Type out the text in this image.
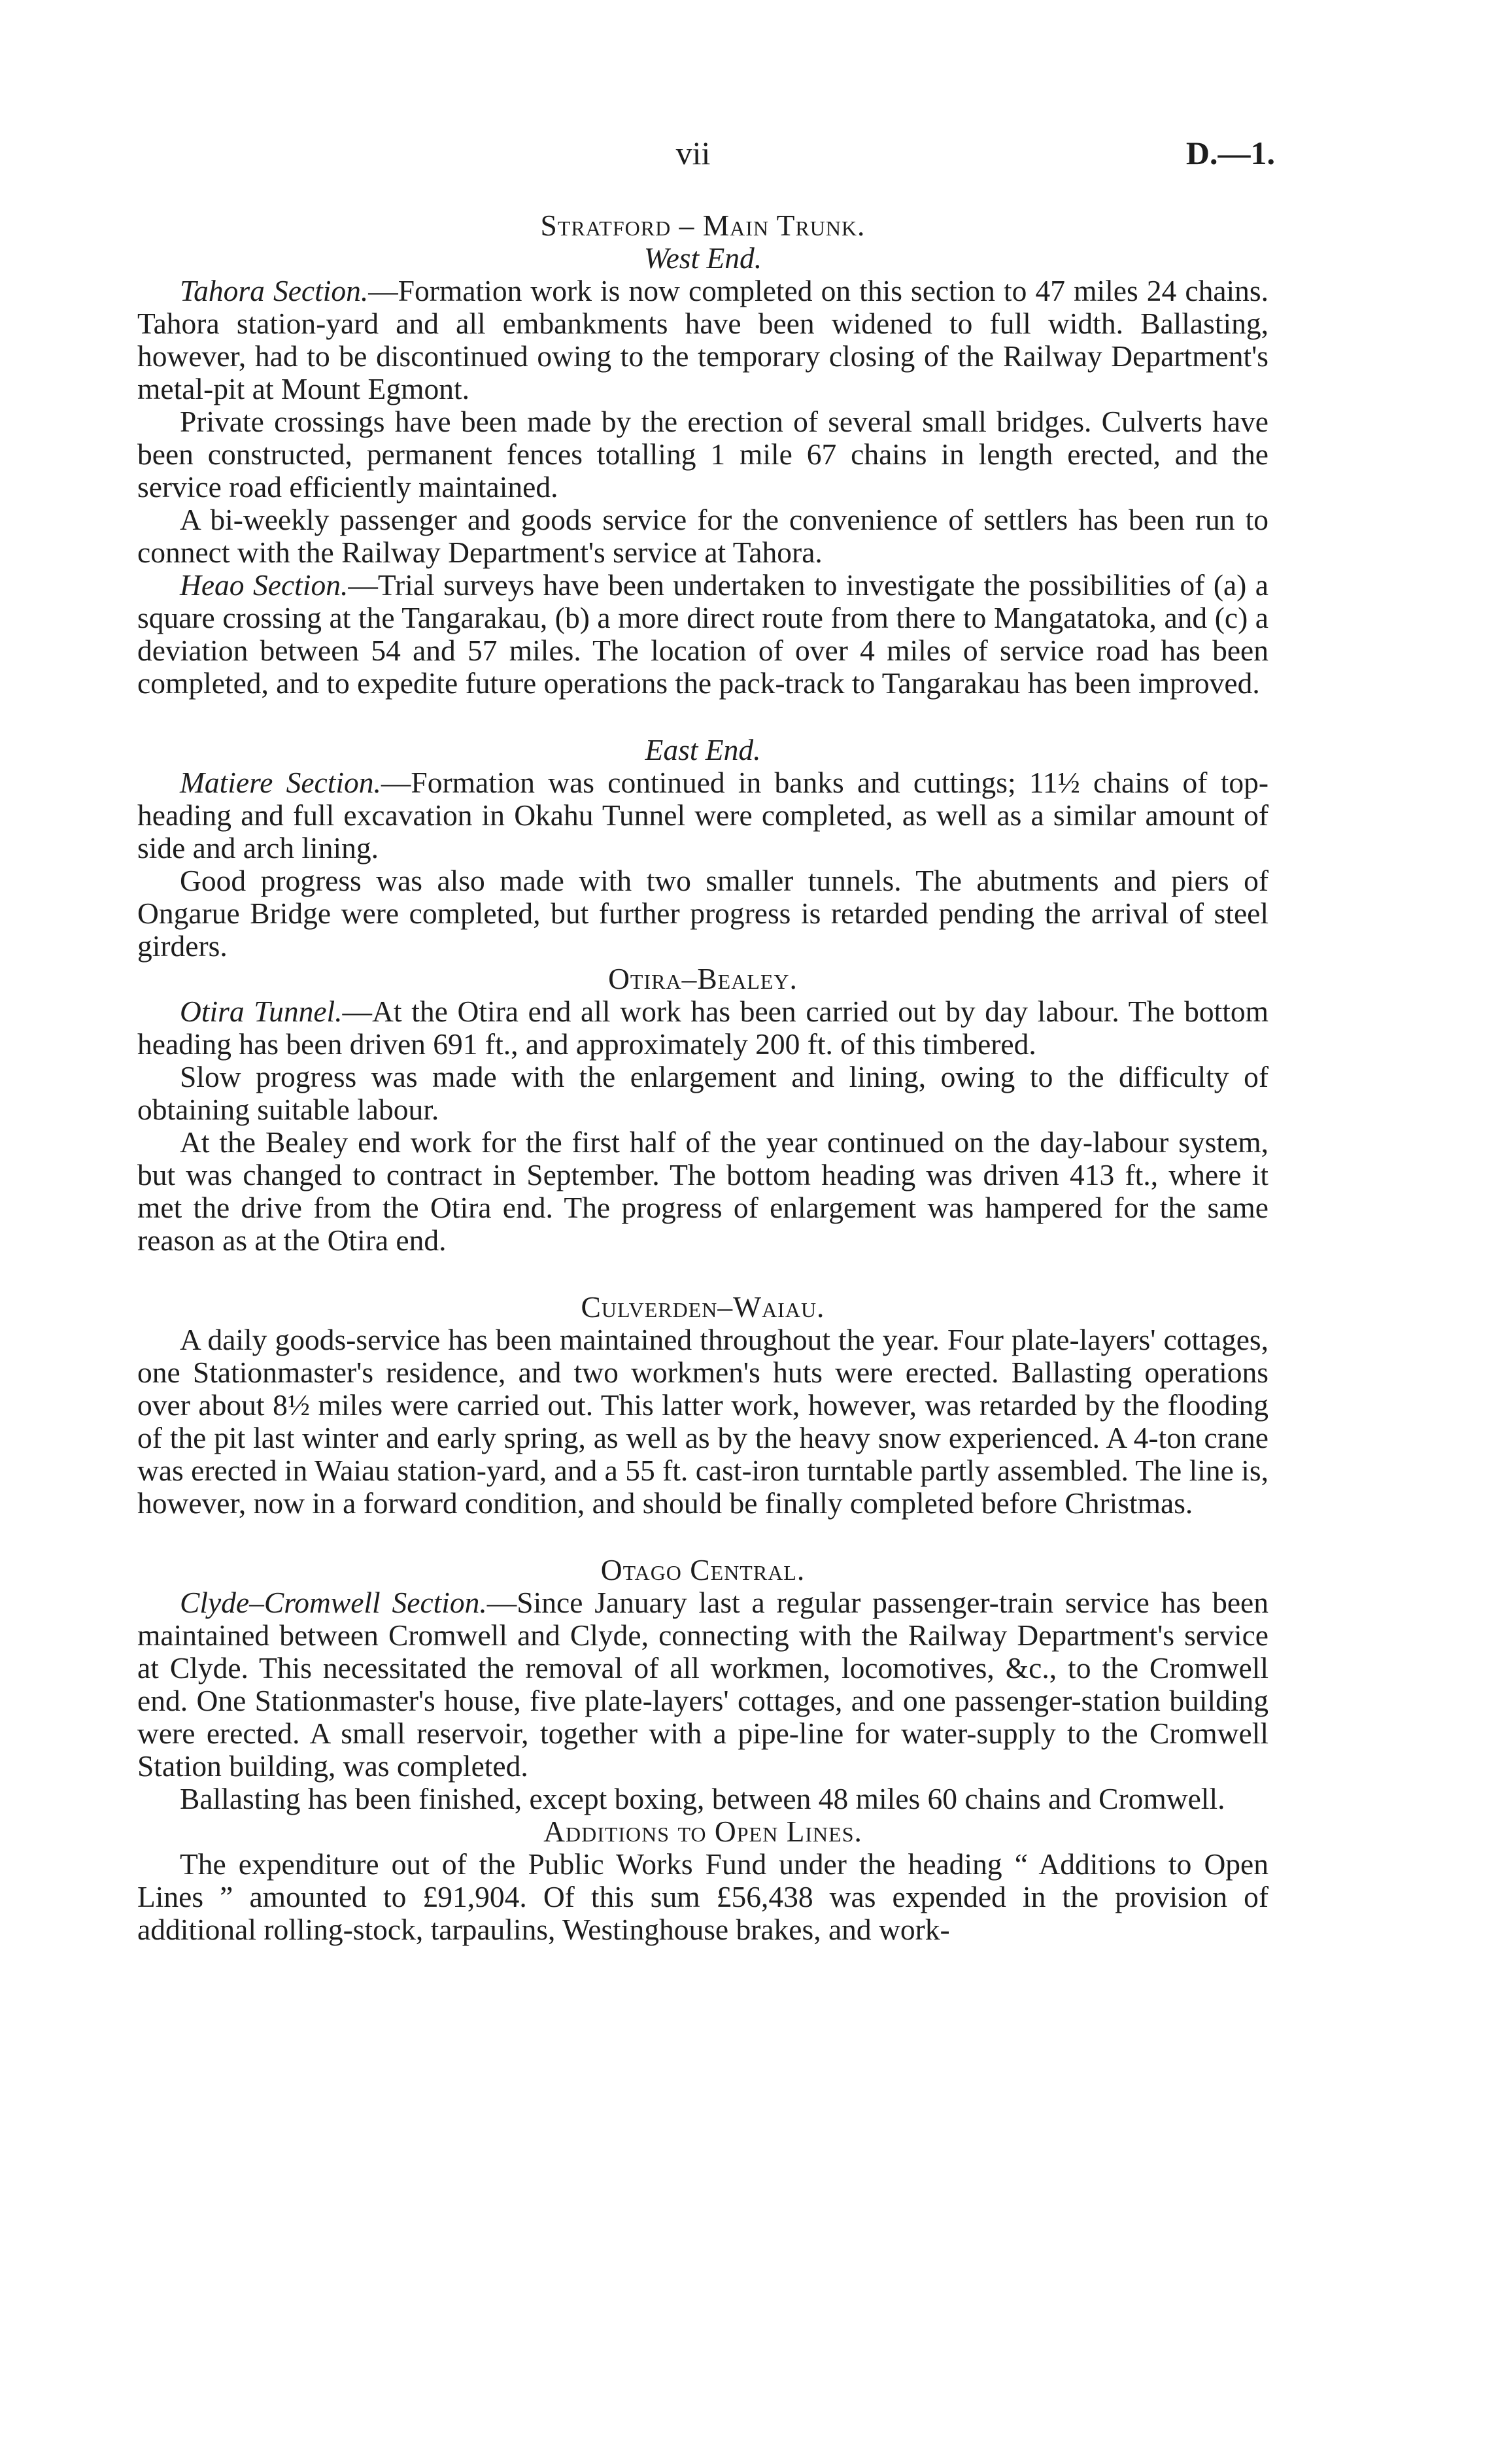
vii	D.—1.

Stratford – Main Trunk.

West End.

Tahora Section.—Formation work is now completed on this section to 47 miles 24 chains. Tahora station-yard and all embankments have been widened to full width. Ballasting, however, had to be discontinued owing to the temporary closing of the Railway Department's metal-pit at Mount Egmont.

Private crossings have been made by the erection of several small bridges. Culverts have been constructed, permanent fences totalling 1 mile 67 chains in length erected, and the service road efficiently maintained.

A bi-weekly passenger and goods service for the convenience of settlers has been run to connect with the Railway Department's service at Tahora.

Heao Section.—Trial surveys have been undertaken to investigate the possibilities of (a) a square crossing at the Tangarakau, (b) a more direct route from there to Mangatatoka, and (c) a deviation between 54 and 57 miles. The location of over 4 miles of service road has been completed, and to expedite future operations the pack-track to Tangarakau has been improved.

East End.

Matiere Section.—Formation was continued in banks and cuttings; 11½ chains of top-heading and full excavation in Okahu Tunnel were completed, as well as a similar amount of side and arch lining.

Good progress was also made with two smaller tunnels. The abutments and piers of Ongarue Bridge were completed, but further progress is retarded pending the arrival of steel girders.

Otira–Bealey.

Otira Tunnel.—At the Otira end all work has been carried out by day labour. The bottom heading has been driven 691 ft., and approximately 200 ft. of this timbered.

Slow progress was made with the enlargement and lining, owing to the difficulty of obtaining suitable labour.

At the Bealey end work for the first half of the year continued on the day-labour system, but was changed to contract in September. The bottom heading was driven 413 ft., where it met the drive from the Otira end. The progress of enlargement was hampered for the same reason as at the Otira end.

Culverden–Waiau.

A daily goods-service has been maintained throughout the year. Four plate-layers' cottages, one Stationmaster's residence, and two workmen's huts were erected. Ballasting operations over about 8½ miles were carried out. This latter work, however, was retarded by the flooding of the pit last winter and early spring, as well as by the heavy snow experienced. A 4-ton crane was erected in Waiau station-yard, and a 55 ft. cast-iron turntable partly assembled. The line is, however, now in a forward condition, and should be finally completed before Christmas.

Otago Central.

Clyde–Cromwell Section.—Since January last a regular passenger-train service has been maintained between Cromwell and Clyde, connecting with the Railway Department's service at Clyde. This necessitated the removal of all workmen, locomotives, &c., to the Cromwell end. One Stationmaster's house, five plate-layers' cottages, and one passenger-station building were erected. A small reservoir, together with a pipe-line for water-supply to the Cromwell Station building, was completed.

Ballasting has been finished, except boxing, between 48 miles 60 chains and Cromwell.

Additions to Open Lines.

The expenditure out of the Public Works Fund under the heading “ Additions to Open Lines ” amounted to £91,904. Of this sum £56,438 was expended in the provision of additional rolling-stock, tarpaulins, Westinghouse brakes, and work-
